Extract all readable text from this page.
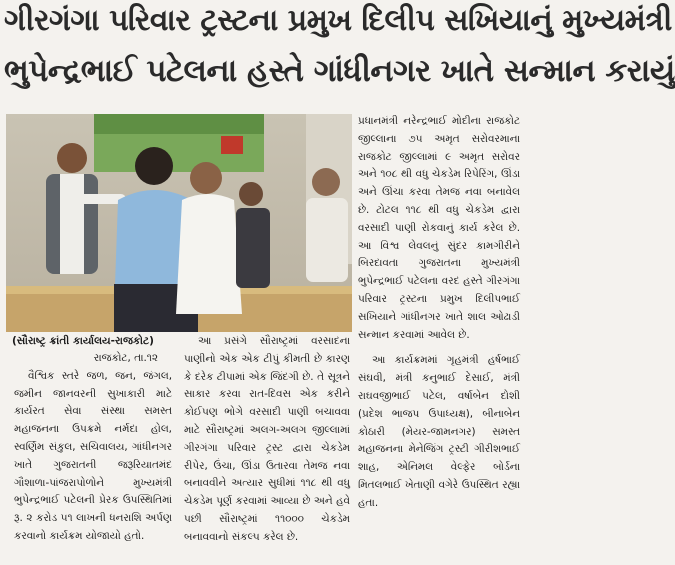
ગીરગંગા પરિવાર ટ્રસ્ટના પ્રમુખ દિલીપ સખિયાનું મુખ્યમંત્રી
ભુપેન્દ્રભાઈ પટેલના હસ્તે ગાંધીનગર ખાતે સન્માન કરાયું
(સૌરાષ્ટ્ર ક્રાંતી કાર્યાલય-રાજકોટ)

રાજકોટ, તા.૧૨

વૈશ્વિક સ્તરે જળ, જન, જંગલ, જમીન જાનવરની સુખાકારી માટે કાર્યરત સેવા સંસ્થા સમસ્ત મહાજનના ઉપક્રમે નર્મદા હોલ, સ્વર્ણિમ સંકુલ, સચિવાલય, ગાંધીનગર ખાતે ગુજરાતની જરૂરિયાતમંદ ગૌશાળા-પાંજરાપોળોને મુખ્યમંત્રી ભુપેન્દ્રભાઈ પટેલની પ્રેરક ઉપસ્થિતિમાં રૂ. ૨ કરોડ ૫૧ લાખની ધનરાશિ અર્પણ કરવાનો કાર્યક્રમ યોજાયો હતો.

આ પ્રસંગે સૌરાષ્ટ્રમાં વરસાદના પાણીનો એક એક ટીપું કીમતી છે કારણ કે દરેક ટીપામાં એક જિંદગી છે. તે સૂત્રને સાકાર કરવા રાત-દિવસ એક કરીને કોઈપણ ભોગે વરસાદી પાણી બચાવવા માટે સૌરાષ્ટ્રમાં અલગ-અલગ જીલ્લામાં ગીરગંગા પરિવાર ટ્રસ્ટ દ્વારા ચેકડેમ રીપેર, ઉંચા, ઊંડા ઉતારવા તેમજ નવા બનાવવીને અત્યાર સુધીમાં ૧૧૮ થી વધુ ચેકડેમ પૂર્ણ કરવામાં આવ્યા છે અને હવે પછી સૌરાષ્ટ્રમાં ૧૧૦૦૦ ચેકડેમ બનાવવાનો સંકલ્પ કરેલ છે.

પ્રધાનમંત્રી નરેન્દ્રભાઈ મોદીના રાજકોટ જીલ્લાના ૭૫ અમૃત સરોવરમાના રાજકોટ જીલ્લામાં ૯ અમૃત સરોવર અને ૧૦૮ થી વધુ ચેકડેમ રિપેરિંગ, ઊંડા અને ઊંચા કરવા તેમજ નવા બનાવેલ છે. ટોટલ ૧૧૮ થી વધુ ચેકડેમ દ્વારા વરસાદી પાણી રોકવાનું કાર્ય કરેલ છે. આ વિશ્વ લેવલનું સુંદર કામગીરીને બિરદાવતા ગુજરાતના મુખ્યમંત્રી ભુપેન્દ્રભાઈ પટેલના વરદ હસ્તે ગીરગંગા પરિવાર ટ્રસ્ટના પ્રમુખ દિલીપભાઈ સખિયાને ગાંધીનગર ખાતે શાલ ઓઢાડી સન્માન કરવામાં આવેલ છે.

આ કાર્યક્રમમાં ગૃહમંત્રી હર્ષભાઈ સંઘવી, મંત્રી કનુભાઈ દેસાઈ, મંત્રી રાઘવજીભાઈ પટેલ, વર્ષાબેન દોશી (પ્રદેશ ભાજપ ઉપાધ્યક્ષ), બીનાબેન કોઠારી (મેયર-જામનગર) સમસ્ત મહાજનના મેનેજિંગ ટ્રસ્ટી ગીરીશભાઈ શાહ, એનિમલ વેલ્ફેર બોર્ડના મિતલભાઈ ખેતાણી વગેરે ઉપસ્થિત રહ્યા હતા.
